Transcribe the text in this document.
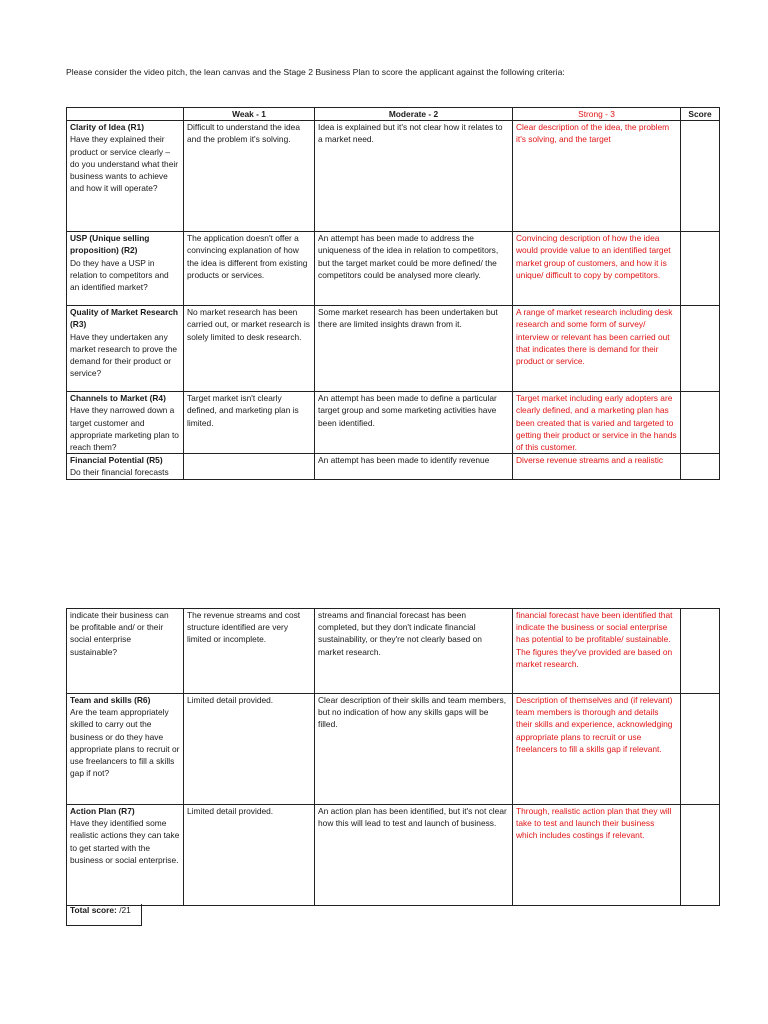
Please consider the video pitch, the lean canvas and the Stage 2 Business Plan to score the applicant against the following criteria:
	Weak - 1	Moderate - 2	Strong - 3	Score

Clarity of Idea (R1)
Have they explained their product or service clearly – do you understand what their business wants to achieve and how it will operate?	Difficult to understand the idea and the problem it's solving.	Idea is explained but it's not clear how it relates to a market need.	Clear description of the idea, the problem it's solving, and the target	

USP (Unique selling proposition) (R2)
Do they have a USP in relation to competitors and an identified market?	The application doesn't offer a convincing explanation of how the idea is different from existing products or services.	An attempt has been made to address the uniqueness of the idea in relation to competitors, but the target market could be more defined/ the competitors could be analysed more clearly.	Convincing description of how the idea would provide value to an identified target market group of customers, and how it is unique/ difficult to copy by competitors.	

Quality of Market Research (R3)
Have they undertaken any market research to prove the demand for their product or service?	No market research has been carried out, or market research is solely limited to desk research.	Some market research has been undertaken but there are limited insights drawn from it.	A range of market research including desk research and some form of survey/ interview or relevant has been carried out that indicates there is demand for their product or service.	

Channels to Market (R4)
Have they narrowed down a target customer and appropriate marketing plan to reach them?	Target market isn't clearly defined, and marketing plan is limited.	An attempt has been made to define a particular target group and some marketing activities have been identified.	Target market including early adopters are clearly defined, and a marketing plan has been created that is varied and targeted to getting their product or service in the hands of this customer.	

Financial Potential (R5)
Do their financial forecasts		An attempt has been made to identify revenue	Diverse revenue streams and a realistic	
indicate their business can be profitable and/ or their social enterprise sustainable?	The revenue streams and cost structure identified are very limited or incomplete.	streams and financial forecast has been completed, but they don't indicate financial sustainability, or they're not clearly based on market research.	financial forecast have been identified that indicate the business or social enterprise has potential to be profitable/ sustainable. The figures they've provided are based on market research.	

Team and skills (R6)
Are the team appropriately skilled to carry out the business or do they have appropriate plans to recruit or use freelancers to fill a skills gap if not?	Limited detail provided.	Clear description of their skills and team members, but no indication of how any skills gaps will be filled.	Description of themselves and (if relevant) team members is thorough and details their skills and experience, acknowledging appropriate plans to recruit or use freelancers to fill a skills gap if relevant.	

Action Plan (R7)
Have they identified some realistic actions they can take to get started with the business or social enterprise.	Limited detail provided.	An action plan has been identified, but it's not clear how this will lead to test and launch of business.	Through, realistic action plan that they will take to test and launch their business which includes costings if relevant.	
Total score: /21
